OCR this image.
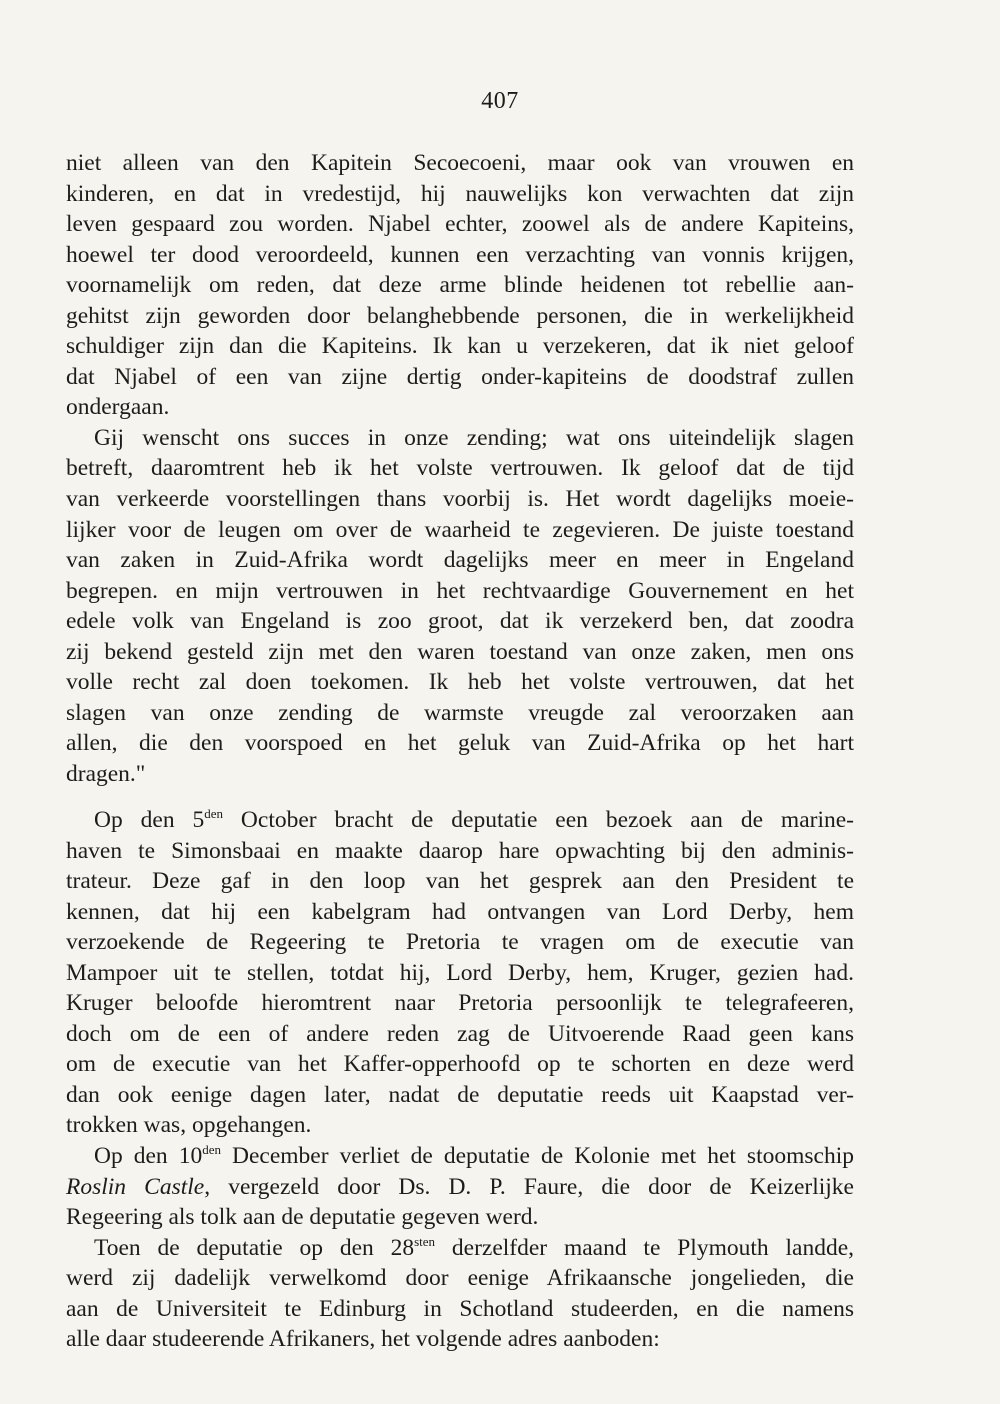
407
niet alleen van den Kapitein Secoecoeni, maar ook van vrouwen en
kinderen, en dat in vredestijd, hij nauwelijks kon verwachten dat zijn
leven gespaard zou worden. Njabel echter, zoowel als de andere Kapiteins,
hoewel ter dood veroordeeld, kunnen een verzachting van vonnis krijgen,
voornamelijk om reden, dat deze arme blinde heidenen tot rebellie aan-
gehitst zijn geworden door belanghebbende personen, die in werkelijkheid
schuldiger zijn dan die Kapiteins. Ik kan u verzekeren, dat ik niet geloof
dat Njabel of een van zijne dertig onder-kapiteins de doodstraf zullen
ondergaan.
Gij wenscht ons succes in onze zending; wat ons uiteindelijk slagen
betreft, daaromtrent heb ik het volste vertrouwen. Ik geloof dat de tijd
van verkeerde voorstellingen thans voorbij is. Het wordt dagelijks moeie-
lijker voor de leugen om over de waarheid te zegevieren. De juiste toestand
van zaken in Zuid-Afrika wordt dagelijks meer en meer in Engeland
begrepen. en mijn vertrouwen in het rechtvaardige Gouvernement en het
edele volk van Engeland is zoo groot, dat ik verzekerd ben, dat zoodra
zij bekend gesteld zijn met den waren toestand van onze zaken, men ons
volle recht zal doen toekomen. Ik heb het volste vertrouwen, dat het
slagen van onze zending de warmste vreugde zal veroorzaken aan
allen, die den voorspoed en het geluk van Zuid-Afrika op het hart
dragen."
Op den $5^{den}$ October bracht de deputatie een bezoek aan de marine-
haven te Simonsbaai en maakte daarop hare opwachting bij den adminis-
trateur. Deze gaf in den loop van het gesprek aan den President te
kennen, dat hij een kabelgram had ontvangen van Lord Derby, hem
verzoekende de Regeering te Pretoria te vragen om de executie van
Mampoer uit te stellen, totdat hij, Lord Derby, hem, Kruger, gezien had.
Kruger beloofde hieromtrent naar Pretoria persoonlijk te telegrafeeren,
doch om de een of andere reden zag de Uitvoerende Raad geen kans
om de executie van het Kaffer-opperhoofd op te schorten en deze werd
dan ook eenige dagen later, nadat de deputatie reeds uit Kaapstad ver-
trokken was, opgehangen.
Op den $10^{den}$ December verliet de deputatie de Kolonie met het stoomschip
Roslin Castle, vergezeld door Ds. D. P. Faure, die door de Keizerlijke
Regeering als tolk aan de deputatie gegeven werd.
Toen de deputatie op den $28^{sten}$ derzelfder maand te Plymouth landde,
werd zij dadelijk verwelkomd door eenige Afrikaansche jongelieden, die
aan de Universiteit te Edinburg in Schotland studeerden, en die namens
alle daar studeerende Afrikaners, het volgende adres aanboden:
